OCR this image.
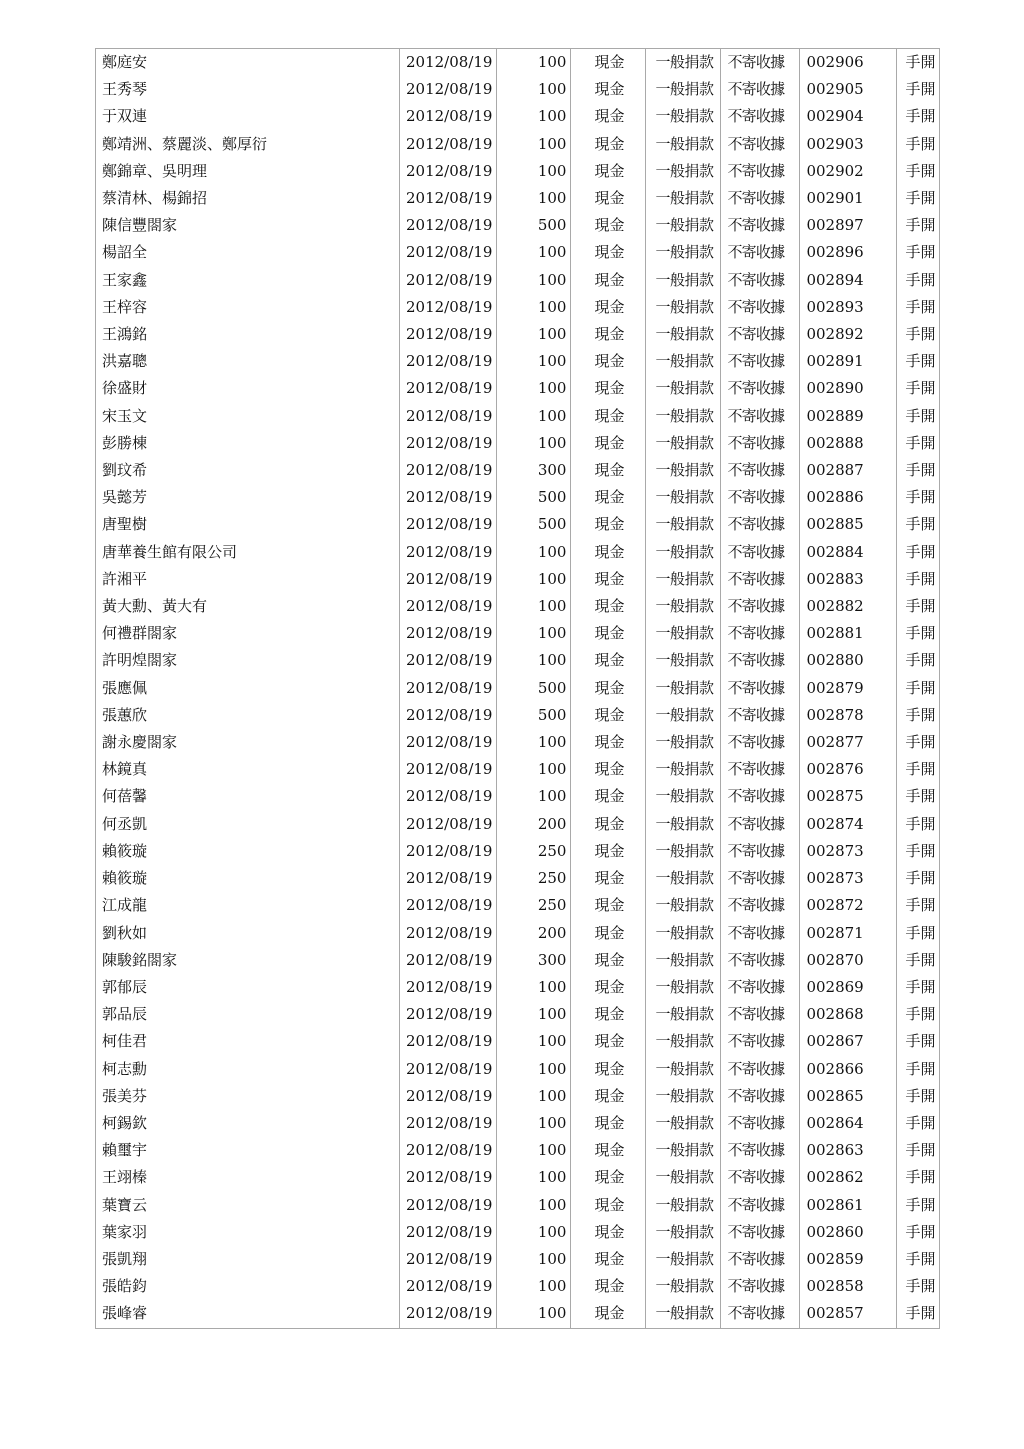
鄭庭安	2012/08/19	100	現金	一般捐款	不寄收據	002906	手開
王秀琴	2012/08/19	100	現金	一般捐款	不寄收據	002905	手開
于双連	2012/08/19	100	現金	一般捐款	不寄收據	002904	手開
鄭靖洲、蔡麗淡、鄭厚衍	2012/08/19	100	現金	一般捐款	不寄收據	002903	手開
鄭錦章、吳明理	2012/08/19	100	現金	一般捐款	不寄收據	002902	手開
蔡清林、楊錦招	2012/08/19	100	現金	一般捐款	不寄收據	002901	手開
陳信豐閤家	2012/08/19	500	現金	一般捐款	不寄收據	002897	手開
楊詔全	2012/08/19	100	現金	一般捐款	不寄收據	002896	手開
王家鑫	2012/08/19	100	現金	一般捐款	不寄收據	002894	手開
王梓容	2012/08/19	100	現金	一般捐款	不寄收據	002893	手開
王鴻銘	2012/08/19	100	現金	一般捐款	不寄收據	002892	手開
洪嘉聰	2012/08/19	100	現金	一般捐款	不寄收據	002891	手開
徐盛財	2012/08/19	100	現金	一般捐款	不寄收據	002890	手開
宋玉文	2012/08/19	100	現金	一般捐款	不寄收據	002889	手開
彭勝棟	2012/08/19	100	現金	一般捐款	不寄收據	002888	手開
劉玟希	2012/08/19	300	現金	一般捐款	不寄收據	002887	手開
吳懿芳	2012/08/19	500	現金	一般捐款	不寄收據	002886	手開
唐聖樹	2012/08/19	500	現金	一般捐款	不寄收據	002885	手開
唐華養生館有限公司	2012/08/19	100	現金	一般捐款	不寄收據	002884	手開
許湘平	2012/08/19	100	現金	一般捐款	不寄收據	002883	手開
黃大勳、黃大有	2012/08/19	100	現金	一般捐款	不寄收據	002882	手開
何禮群閤家	2012/08/19	100	現金	一般捐款	不寄收據	002881	手開
許明煌閤家	2012/08/19	100	現金	一般捐款	不寄收據	002880	手開
張應佩	2012/08/19	500	現金	一般捐款	不寄收據	002879	手開
張蕙欣	2012/08/19	500	現金	一般捐款	不寄收據	002878	手開
謝永慶閤家	2012/08/19	100	現金	一般捐款	不寄收據	002877	手開
林鏡真	2012/08/19	100	現金	一般捐款	不寄收據	002876	手開
何蓓馨	2012/08/19	100	現金	一般捐款	不寄收據	002875	手開
何丞凱	2012/08/19	200	現金	一般捐款	不寄收據	002874	手開
賴筱璇	2012/08/19	250	現金	一般捐款	不寄收據	002873	手開
賴筱璇	2012/08/19	250	現金	一般捐款	不寄收據	002873	手開
江成龍	2012/08/19	250	現金	一般捐款	不寄收據	002872	手開
劉秋如	2012/08/19	200	現金	一般捐款	不寄收據	002871	手開
陳駿銘閤家	2012/08/19	300	現金	一般捐款	不寄收據	002870	手開
郭郁辰	2012/08/19	100	現金	一般捐款	不寄收據	002869	手開
郭品辰	2012/08/19	100	現金	一般捐款	不寄收據	002868	手開
柯佳君	2012/08/19	100	現金	一般捐款	不寄收據	002867	手開
柯志勳	2012/08/19	100	現金	一般捐款	不寄收據	002866	手開
張美芬	2012/08/19	100	現金	一般捐款	不寄收據	002865	手開
柯錫欽	2012/08/19	100	現金	一般捐款	不寄收據	002864	手開
賴璽宇	2012/08/19	100	現金	一般捐款	不寄收據	002863	手開
王翊榛	2012/08/19	100	現金	一般捐款	不寄收據	002862	手開
葉寶云	2012/08/19	100	現金	一般捐款	不寄收據	002861	手開
葉家羽	2012/08/19	100	現金	一般捐款	不寄收據	002860	手開
張凱翔	2012/08/19	100	現金	一般捐款	不寄收據	002859	手開
張皓鈞	2012/08/19	100	現金	一般捐款	不寄收據	002858	手開
張峰睿	2012/08/19	100	現金	一般捐款	不寄收據	002857	手開
